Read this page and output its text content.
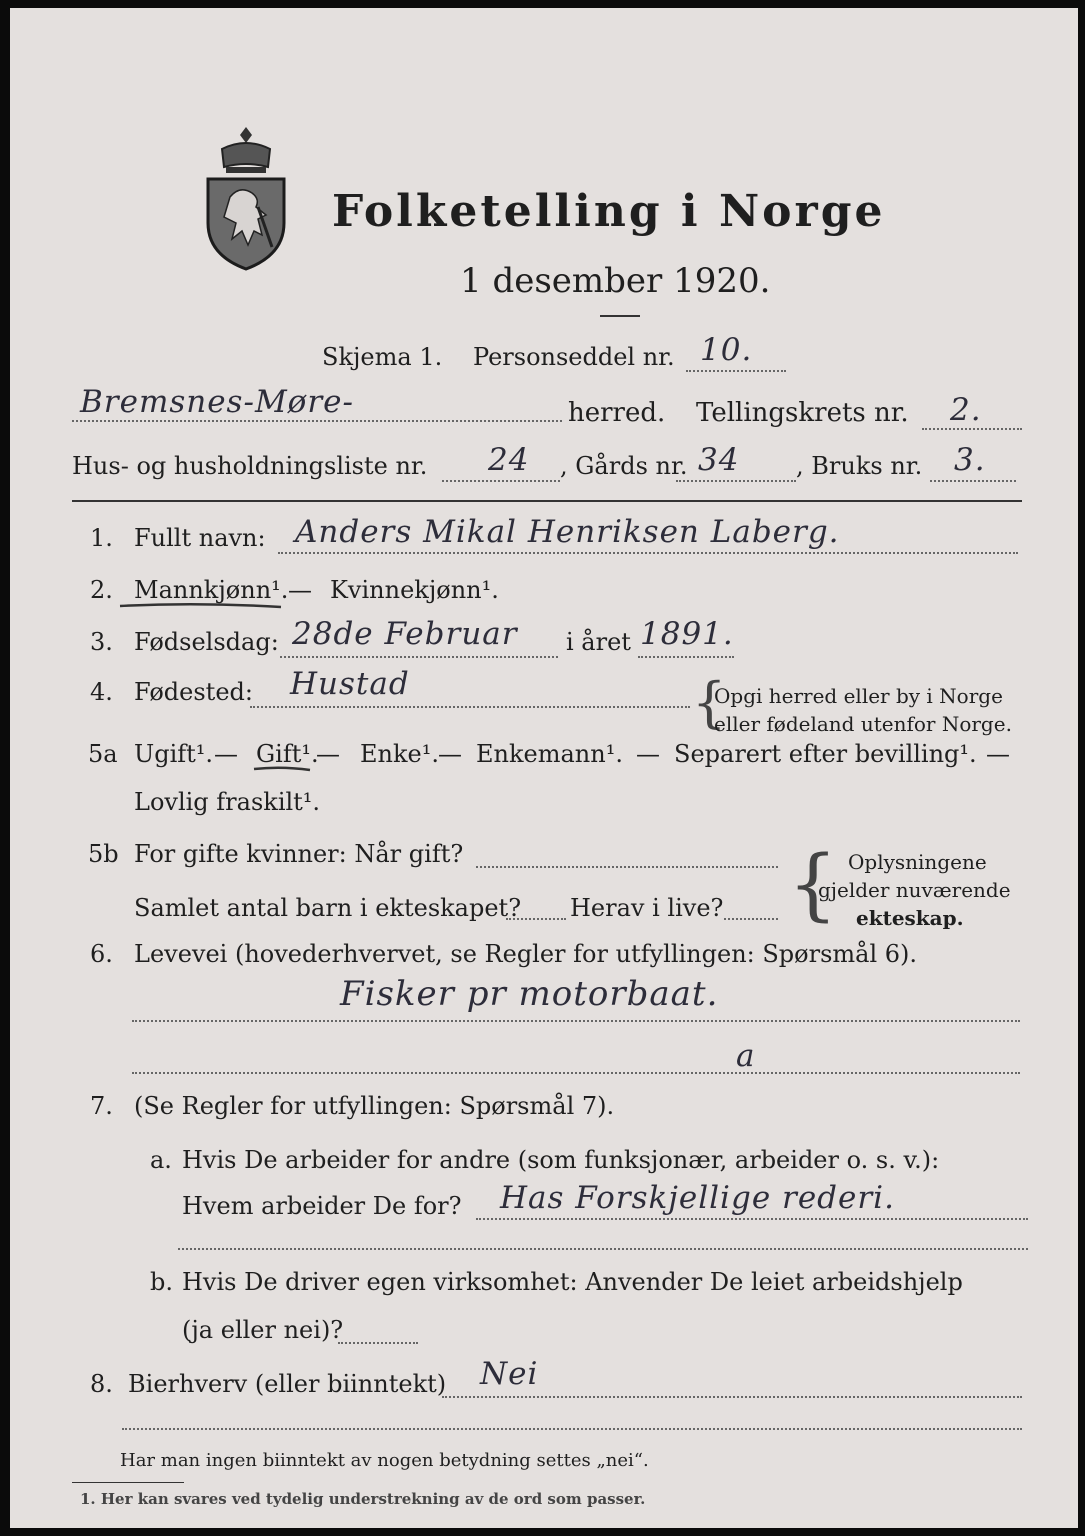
Folketelling i Norge
1 desember 1920.
Skjema 1. Personseddel nr. 10.
Bremsnes-Møre-	herred. Tellingskrets nr. 2.
Hus- og husholdningsliste nr. 24 , Gårds nr. 34 , Bruks nr. 3.
1. Fullt navn: Anders Mikal Henriksen Laberg.
2. Mannkjønn¹. — Kvinnekjønn¹.
3. Fødselsdag: 28de Februar i året 1891.
4. Fødested: Hustad	{
Opgi herred eller by i Norge
eller fødeland utenfor Norge.
5a Ugift¹. — Gift¹.
— Enke¹. — Enkemann¹. — Separert efter bevilling¹. —
Lovlig fraskilt¹.
5b For gifte kvinner: Når gift?
Samlet antal barn i ekteskapet? Herav i live? { Oplysningene
gjelder nuværende
ekteskap.
6. Levevei (hovederhvervet, se Regler for utfyllingen: Spørsmål 6).
Fisker pr motorbaat.
a
7. (Se Regler for utfyllingen: Spørsmål 7).
a. Hvis De arbeider for andre (som funksjonær, arbeider o. s. v.):
Hvem arbeider De for? Has Forskjellige rederi.
b. Hvis De driver egen virksomhet: Anvender De leiet arbeidshjelp
(ja eller nei)?
8. Bierhverv (eller biinntekt) Nei
Har man ingen biinntekt av nogen betydning settes „nei“.
1. Her kan svares ved tydelig understrekning av de ord som passer.
